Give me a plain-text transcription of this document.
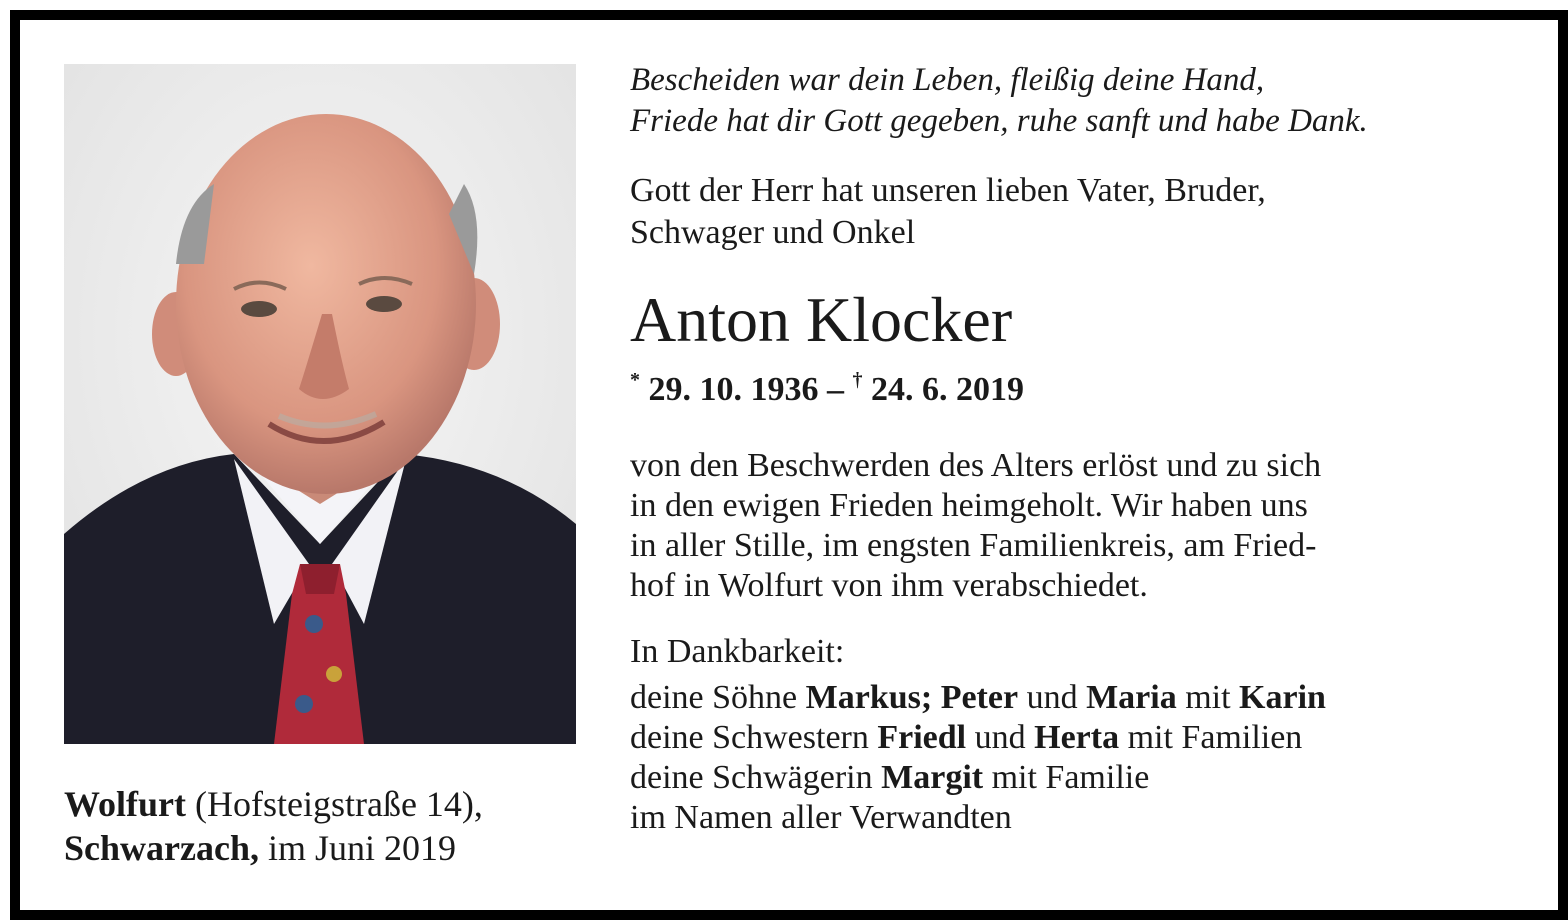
Wolfurt (Hofsteigstraße 14),
Schwarzach, im Juni 2019

Bescheiden war dein Leben, fleißig deine Hand,
Friede hat dir Gott gegeben, ruhe sanft und habe Dank.

Gott der Herr hat unseren lieben Vater, Bruder,
Schwager und Onkel

Anton Klocker

* 29. 10. 1936 – † 24. 6. 2019

von den Beschwerden des Alters erlöst und zu sich
in den ewigen Frieden heimgeholt. Wir haben uns
in aller Stille, im engsten Familienkreis, am Fried-
hof in Wolfurt von ihm verabschiedet.

In Dankbarkeit:

deine Söhne Markus; Peter und Maria mit Karin
deine Schwestern Friedl und Herta mit Familien
deine Schwägerin Margit mit Familie
im Namen aller Verwandten
